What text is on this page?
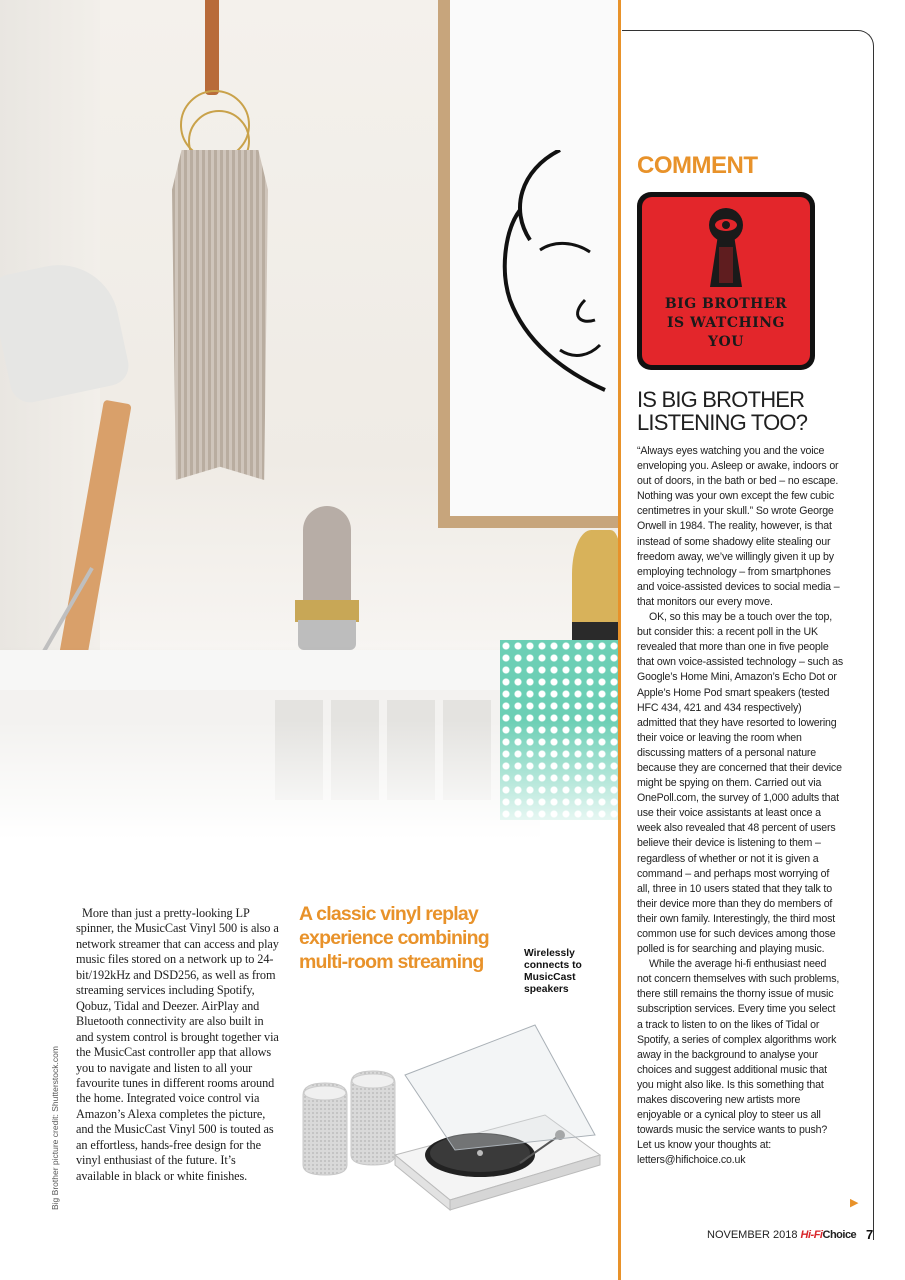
COMMENT
BIG BROTHER
IS WATCHING
YOU
IS BIG BROTHER
LISTENING TOO?

“Always eyes watching you and the voice enveloping you. Asleep or awake, indoors or out of doors, in the bath or bed – no escape. Nothing was your own except the few cubic centimetres in your skull.” So wrote George Orwell in 1984. The reality, however, is that instead of some shadowy elite stealing our freedom away, we’ve willingly given it up by employing technology – from smartphones and voice-assisted devices to social media – that monitors our every move.

OK, so this may be a touch over the top, but consider this: a recent poll in the UK revealed that more than one in five people that own voice-assisted technology – such as Google’s Home Mini, Amazon’s Echo Dot or Apple’s Home Pod smart speakers (tested HFC 434, 421 and 434 respectively) admitted that they have resorted to lowering their voice or leaving the room when discussing matters of a personal nature because they are concerned that their device might be spying on them. Carried out via OnePoll.com, the survey of 1,000 adults that use their voice assistants at least once a week also revealed that 48 percent of users believe their device is listening to them – regardless of whether or not it is given a command – and perhaps most worrying of all, three in 10 users stated that they talk to their device more than they do members of their own family. Interestingly, the third most common use for such devices among those polled is for searching and playing music.

While the average hi-fi enthusiast need not concern themselves with such problems, there still remains the thorny issue of music subscription services. Every time you select a track to listen to on the likes of Tidal or Spotify, a series of complex algorithms work away in the background to analyse your choices and suggest additional music that you might also like. Is this something that makes discovering new artists more enjoyable or a cynical ploy to steer us all towards music the service wants to push? Let us know your thoughts at: letters@hifichoice.co.uk

▶
Big Brother picture credit: Shutterstock.com

More than just a pretty-looking LP spinner, the MusicCast Vinyl 500 is also a network streamer that can access and play music files stored on a network up to 24-bit/192kHz and DSD256, as well as from streaming services including Spotify, Qobuz, Tidal and Deezer. AirPlay and Bluetooth connectivity are also built in and system control is brought together via the MusicCast controller app that allows you to navigate and listen to all your favourite tunes in different rooms around the home. Integrated voice control via Amazon’s Alexa completes the picture, and the MusicCast Vinyl 500 is touted as an effortless, hands-free design for the vinyl enthusiast of the future. It’s available in black or white finishes.

A classic vinyl replay experience combining multi-room streaming	Wirelessly connects to MusicCast speakers
NOVEMBER 2018 Hi-FiChoice 7
